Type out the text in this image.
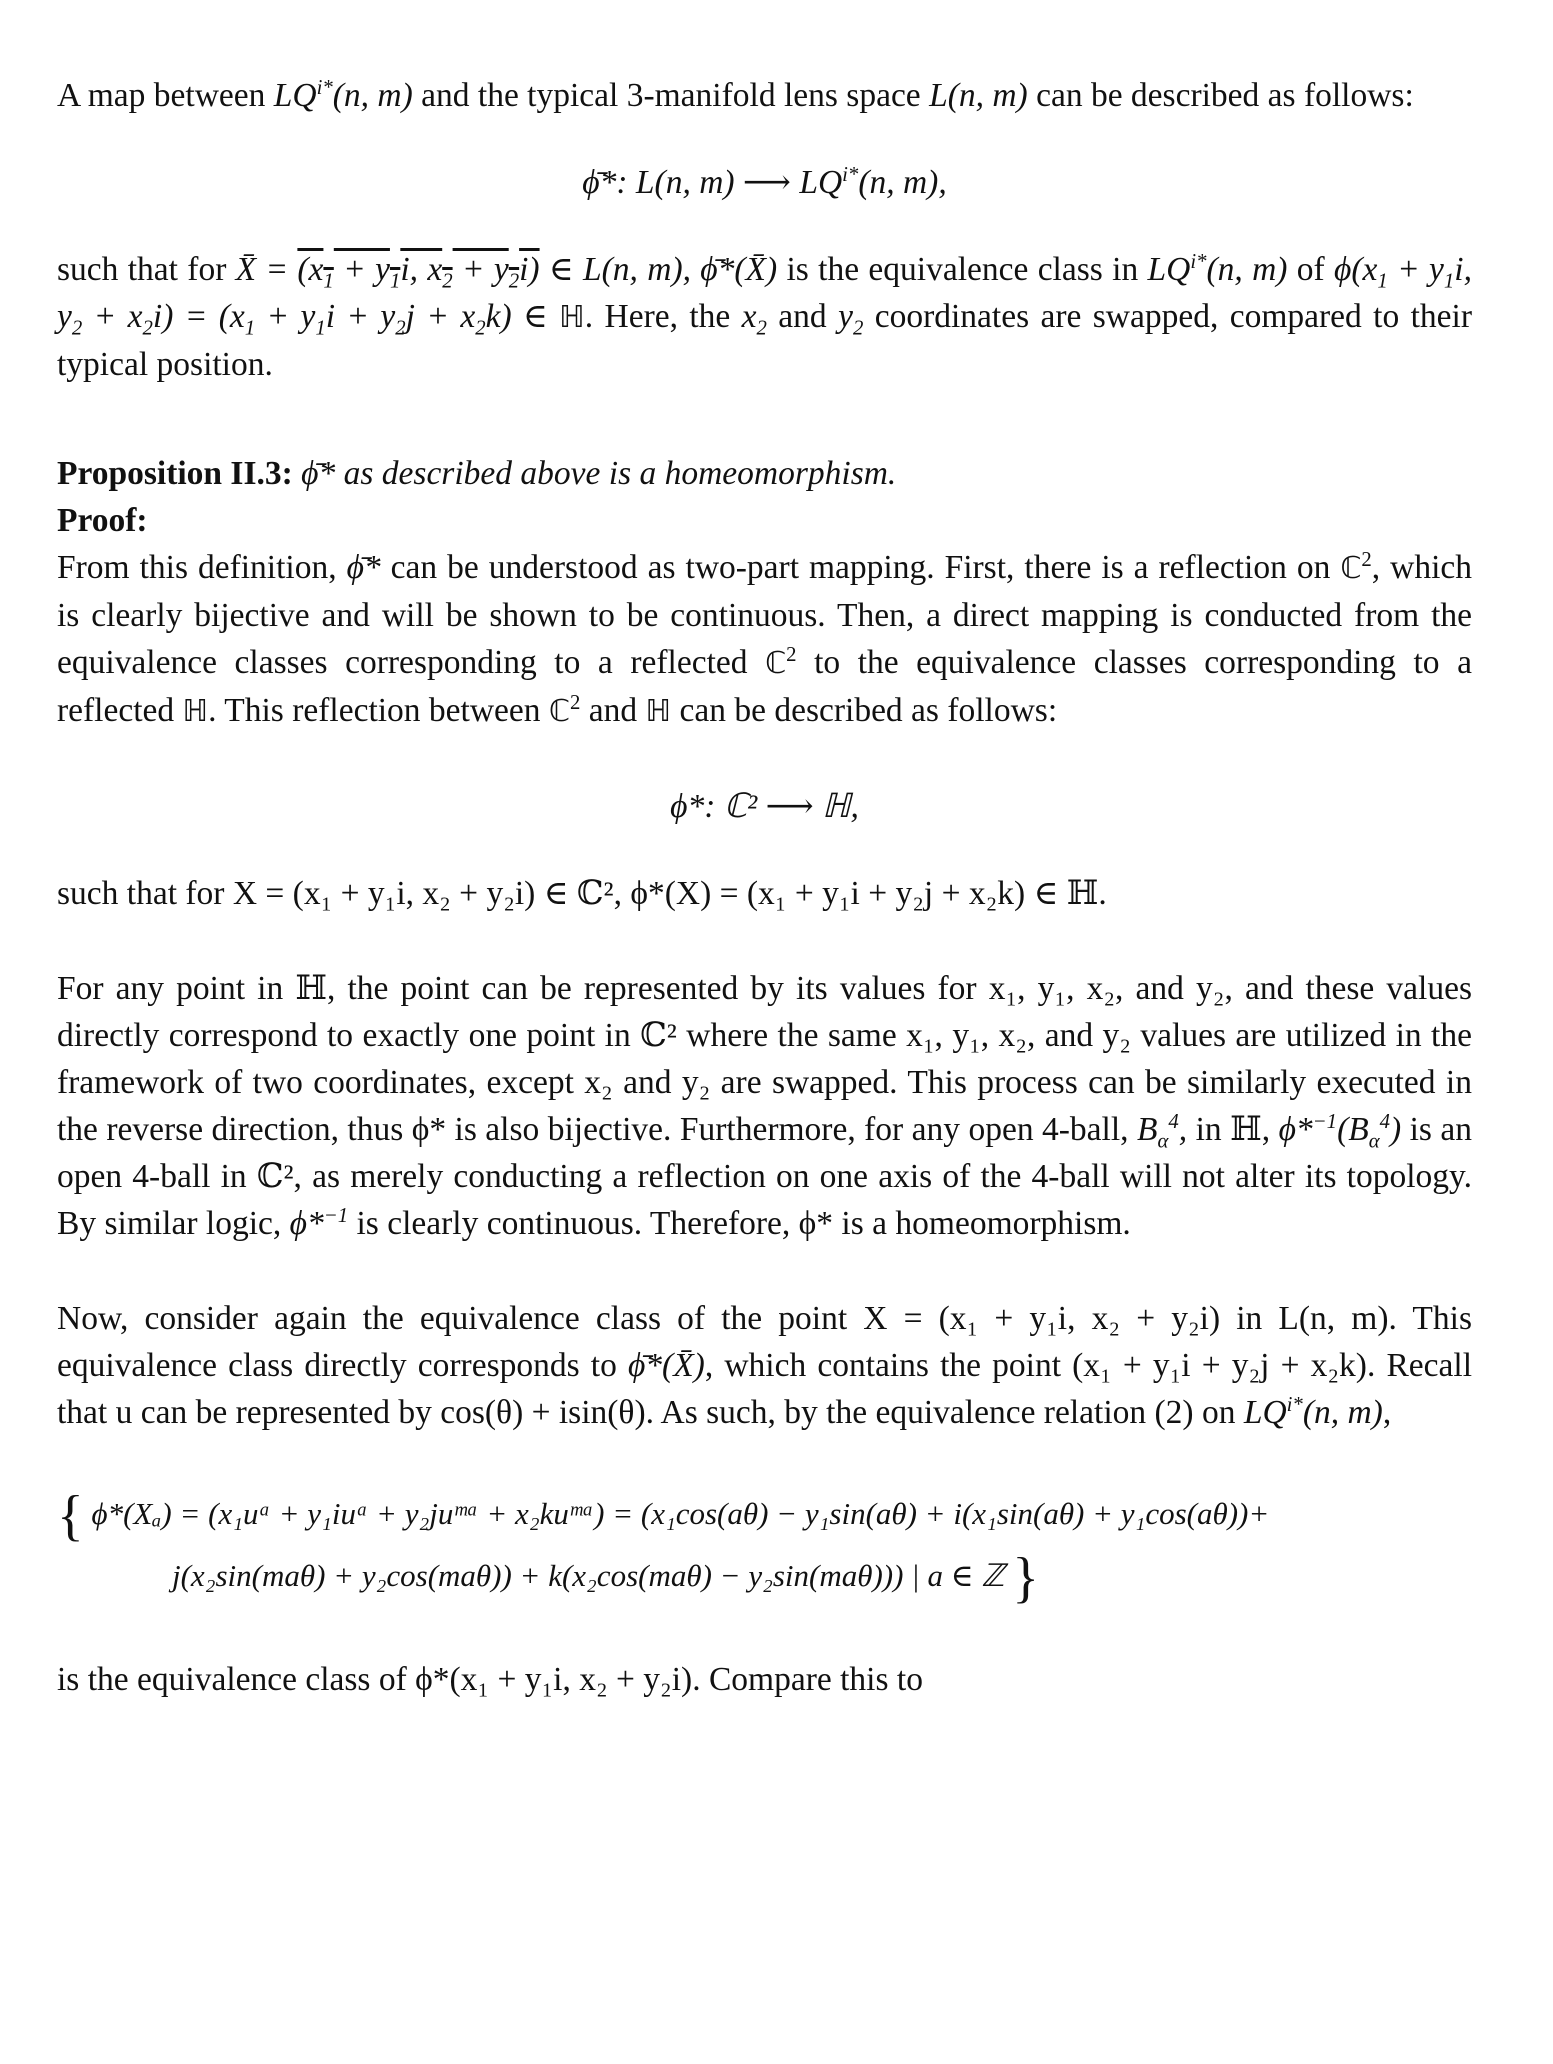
A map between $LQ^{i*}(n$, m) and the typical 3-manifold lens space L(n, m) can be described as follows:

ϕ̄*: L(n, m) ⟶ $LQ^{i*}(n$, m),

such that for X̄ = ($x_1 + y_1i$, $x_2 + y_2i$) ∈ L(n, m), ϕ̄*(X̄) is the equivalence class in $LQ^{i*}(n$, m) of $\phi(x_1 + y_1i$, $y_2 + x_2i) = (x_1 + y_1i + y_2j + x_2k)$ ∈ ℍ. Here, the $x_2$ and $y_2$ coordinates are swapped, compared to their typical position.

Proposition II.3: ϕ̄* as described above is a homeomorphism.

Proof:

From this definition, ϕ̄* can be understood as two-part mapping. First, there is a reflection on ℂ$^2$, which is clearly bijective and will be shown to be continuous. Then, a direct mapping is conducted from the equivalence classes corresponding to a reflected ℂ$^2$ to the equivalence classes corresponding to a reflected ℍ. This reflection between ℂ$^2$ and ℍ can be described as follows:

ϕ*: ℂ² ⟶ ℍ,

such that for X = (x₁ + y₁i, x₂ + y₂i) ∈ ℂ², ϕ*(X) = (x₁ + y₁i + y₂j + x₂k) ∈ ℍ.

For any point in ℍ, the point can be represented by its values for x₁, y₁, x₂, and y₂, and these values directly correspond to exactly one point in ℂ² where the same x₁, y₁, x₂, and y₂ values are utilized in the framework of two coordinates, except x₂ and y₂ are swapped. This process can be similarly executed in the reverse direction, thus ϕ* is also bijective. Furthermore, for any open 4-ball, $B_\alpha^4$, in ℍ, $\phi*^{-1}(B_\alpha^4)$ is an open 4-ball in ℂ², as merely conducting a reflection on one axis of the 4-ball will not alter its topology. By similar logic, ϕ*$^{-1}$ is clearly continuous. Therefore, ϕ* is a homeomorphism.

Now, consider again the equivalence class of the point X = (x₁ + y₁i, x₂ + y₂i) in L(n, m). This equivalence class directly corresponds to ϕ̄*(X̄), which contains the point (x₁ + y₁i + y₂j + x₂k). Recall that u can be represented by cos(θ) + isin(θ). As such, by the equivalence relation (2) on $LQ^{i*}(n$, m),

{ ϕ*(Xₐ) = (x₁uᵃ + y₁iuᵃ + y₂juᵐᵃ + x₂kuᵐᵃ) = (x₁cos(aθ) − y₁sin(aθ) + i(x₁sin(aθ) + y₁cos(aθ))+
j(x₂sin(maθ) + y₂cos(maθ)) + k(x₂cos(maθ) − y₂sin(maθ))) | a ∈ ℤ }

is the equivalence class of ϕ*(x₁ + y₁i, x₂ + y₂i). Compare this to
